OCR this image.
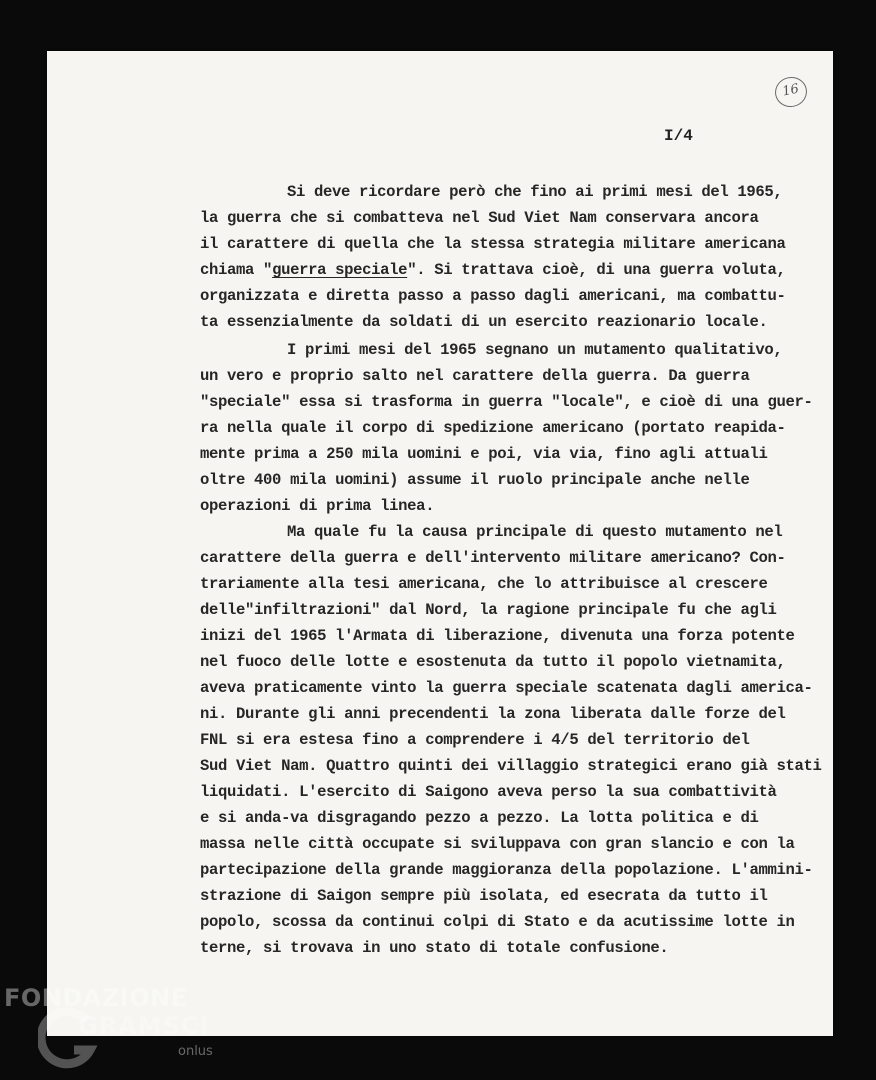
16
I/4
Si deve ricordare però che fino ai primi mesi del 1965,
la guerra che si combatteva nel Sud Viet Nam conservara ancora
il carattere di quella che la stessa strategia militare americana
chiama "guerra speciale". Si trattava cioè, di una guerra voluta,
organizzata e diretta passo a passo dagli americani, ma combattu-
ta essenzialmente da soldati di un esercito reazionario locale.
I primi mesi del 1965 segnano un mutamento qualitativo,
un vero e proprio salto nel carattere della guerra. Da guerra
"speciale" essa si trasforma in guerra "locale", e cioè di una guer-
ra nella quale il corpo di spedizione americano (portato reapida-
mente prima a 250 mila uomini e poi, via via, fino agli attuali
oltre 400 mila uomini) assume il ruolo principale anche nelle
operazioni di prima linea.
Ma quale fu la causa principale di questo mutamento nel
carattere della guerra e dell'intervento militare americano? Con-
trariamente alla tesi americana, che lo attribuisce al crescere
delle"infiltrazioni" dal Nord, la ragione principale fu che agli
inizi del 1965 l'Armata di liberazione, divenuta una forza potente
nel fuoco delle lotte e esostenuta da tutto il popolo vietnamita,
aveva praticamente vinto la guerra speciale scatenata dagli america-
ni. Durante gli anni precendenti la zona liberata dalle forze del
FNL si era estesa fino a comprendere i 4/5 del territorio del
Sud Viet Nam. Quattro quinti dei villaggio strategici erano già stati
liquidati. L'esercito di Saigono aveva perso la sua combattività
e si anda-va disgragando pezzo a pezzo. La lotta politica e di
massa nelle città occupate si sviluppava con gran slancio e con la
partecipazione della grande maggioranza della popolazione. L'ammini-
strazione di Saigon sempre più isolata, ed esecrata da tutto il
popolo, scossa da continui colpi di Stato e da acutissime lotte in
terne, si trovava in uno stato di totale confusione.
FONDAZIONE
GRAMSCI
onlus
